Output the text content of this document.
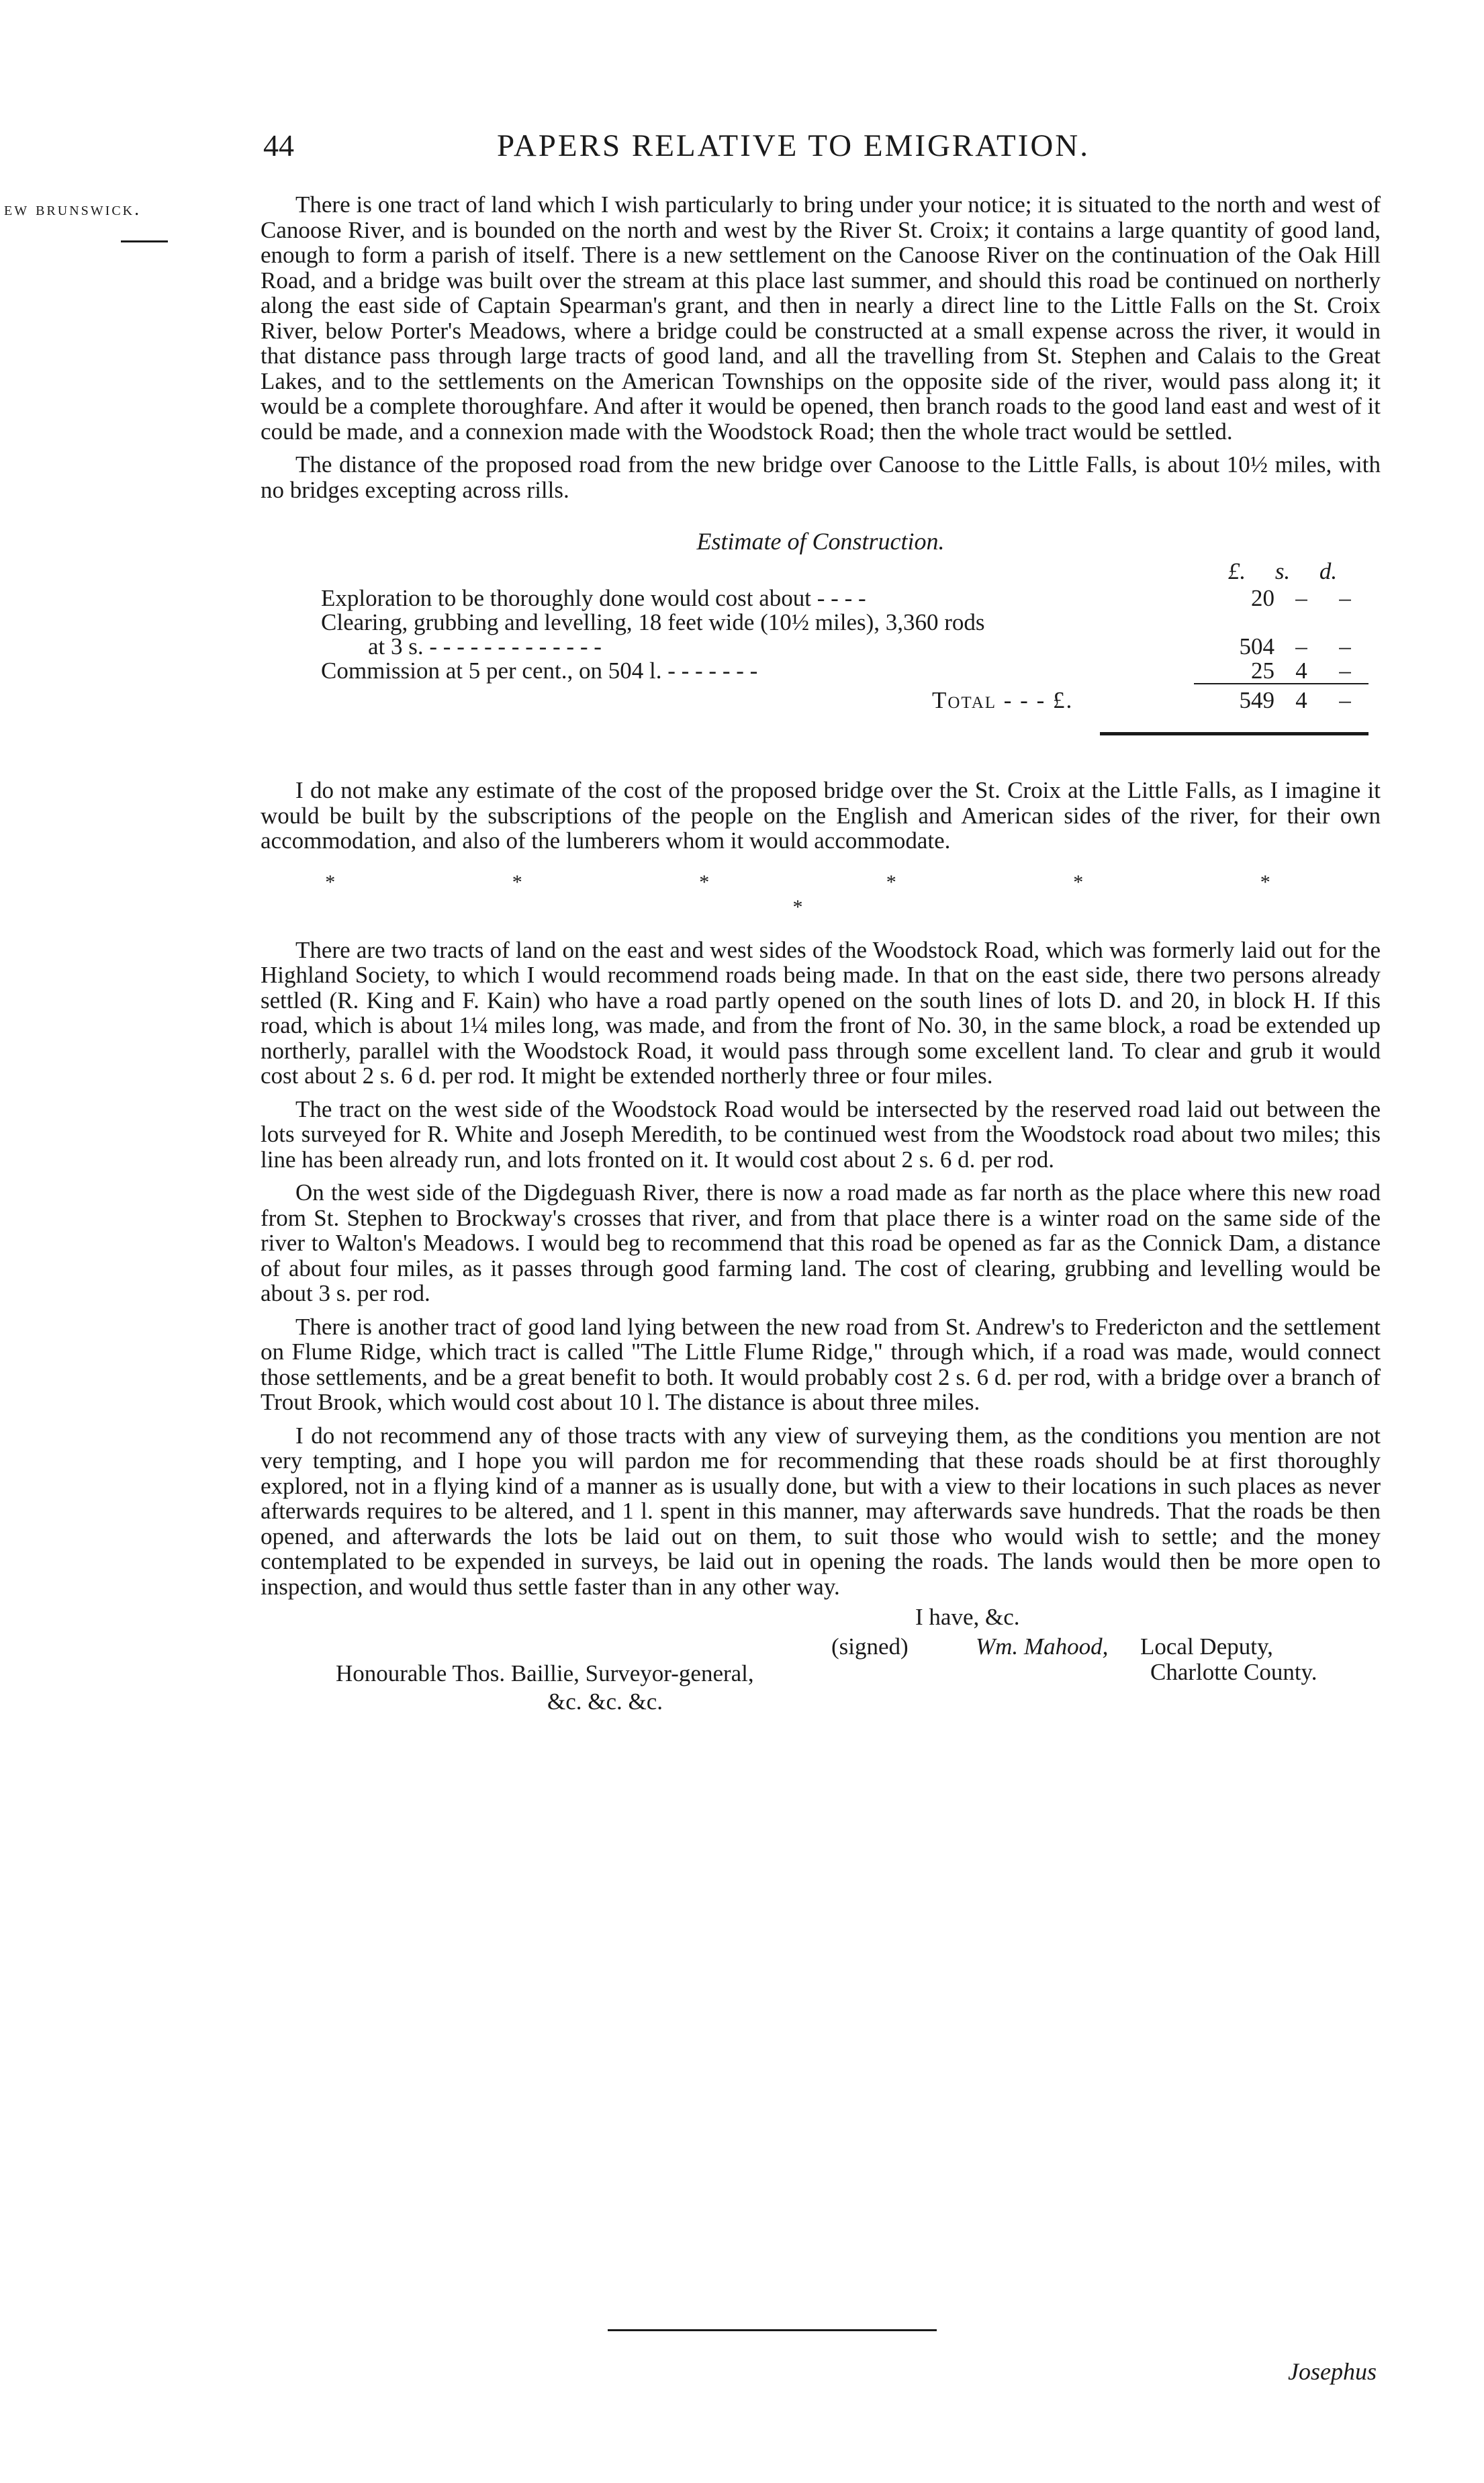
44	PAPERS RELATIVE TO EMIGRATION.
ew brunswick.	There is one tract of land which I wish particularly to bring under your notice; it is situated to the north and west of Canoose River, and is bounded on the north and west by the River St. Croix; it contains a large quantity of good land, enough to form a parish of itself. There is a new settlement on the Canoose River on the continuation of the Oak Hill Road, and a bridge was built over the stream at this place last summer, and should this road be continued on northerly along the east side of Captain Spearman's grant, and then in nearly a direct line to the Little Falls on the St. Croix River, below Porter's Meadows, where a bridge could be constructed at a small expense across the river, it would in that distance pass through large tracts of good land, and all the travelling from St. Stephen and Calais to the Great Lakes, and to the settlements on the American Townships on the opposite side of the river, would pass along it; it would be a complete thoroughfare. And after it would be opened, then branch roads to the good land east and west of it could be made, and a connexion made with the Woodstock Road; then the whole tract would be settled.

The distance of the proposed road from the new bridge over Canoose to the Little Falls, is about 10½ miles, with no bridges excepting across rills.

Estimate of Construction.
£. s. d.
Exploration to be thoroughly done would cost about - - - -	20 –	–
Clearing, grubbing and levelling, 18 feet wide (10½ miles), 3,360 rods
at 3 s. - - - - - - - - - - - - -	504 –	–
Commission at 5 per cent., on 504 l. - - - - - - -	25 4	–
Total - - - £.	549 4	–

I do not make any estimate of the cost of the proposed bridge over the St. Croix at the Little Falls, as I imagine it would be built by the subscriptions of the people on the English and American sides of the river, for their own accommodation, and also of the lumberers whom it would accommodate.

* * * * * * *

There are two tracts of land on the east and west sides of the Woodstock Road, which was formerly laid out for the Highland Society, to which I would recommend roads being made. In that on the east side, there two persons already settled (R. King and F. Kain) who have a road partly opened on the south lines of lots D. and 20, in block H. If this road, which is about 1¼ miles long, was made, and from the front of No. 30, in the same block, a road be extended up northerly, parallel with the Woodstock Road, it would pass through some excellent land. To clear and grub it would cost about 2 s. 6 d. per rod. It might be extended northerly three or four miles.

The tract on the west side of the Woodstock Road would be intersected by the reserved road laid out between the lots surveyed for R. White and Joseph Meredith, to be continued west from the Woodstock road about two miles; this line has been already run, and lots fronted on it. It would cost about 2 s. 6 d. per rod.

On the west side of the Digdeguash River, there is now a road made as far north as the place where this new road from St. Stephen to Brockway's crosses that river, and from that place there is a winter road on the same side of the river to Walton's Meadows. I would beg to recommend that this road be opened as far as the Connick Dam, a distance of about four miles, as it passes through good farming land. The cost of clearing, grubbing and levelling would be about 3 s. per rod.

There is another tract of good land lying between the new road from St. Andrew's to Fredericton and the settlement on Flume Ridge, which tract is called "The Little Flume Ridge," through which, if a road was made, would connect those settlements, and be a great benefit to both. It would probably cost 2 s. 6 d. per rod, with a bridge over a branch of Trout Brook, which would cost about 10 l. The distance is about three miles.

I do not recommend any of those tracts with any view of surveying them, as the conditions you mention are not very tempting, and I hope you will pardon me for recommending that these roads should be at first thoroughly explored, not in a flying kind of a manner as is usually done, but with a view to their locations in such places as never afterwards requires to be altered, and 1 l. spent in this manner, may afterwards save hundreds. That the roads be then opened, and afterwards the lots be laid out on them, to suit those who would wish to settle; and the money contemplated to be expended in surveys, be laid out in opening the roads. The lands would then be more open to inspection, and would thus settle faster than in any other way.

I have, &c.
(signed)	Wm. Mahood, Local Deputy,
Charlotte County.
Honourable Thos. Baillie, Surveyor-general,
&c. &c. &c.
Josephus
